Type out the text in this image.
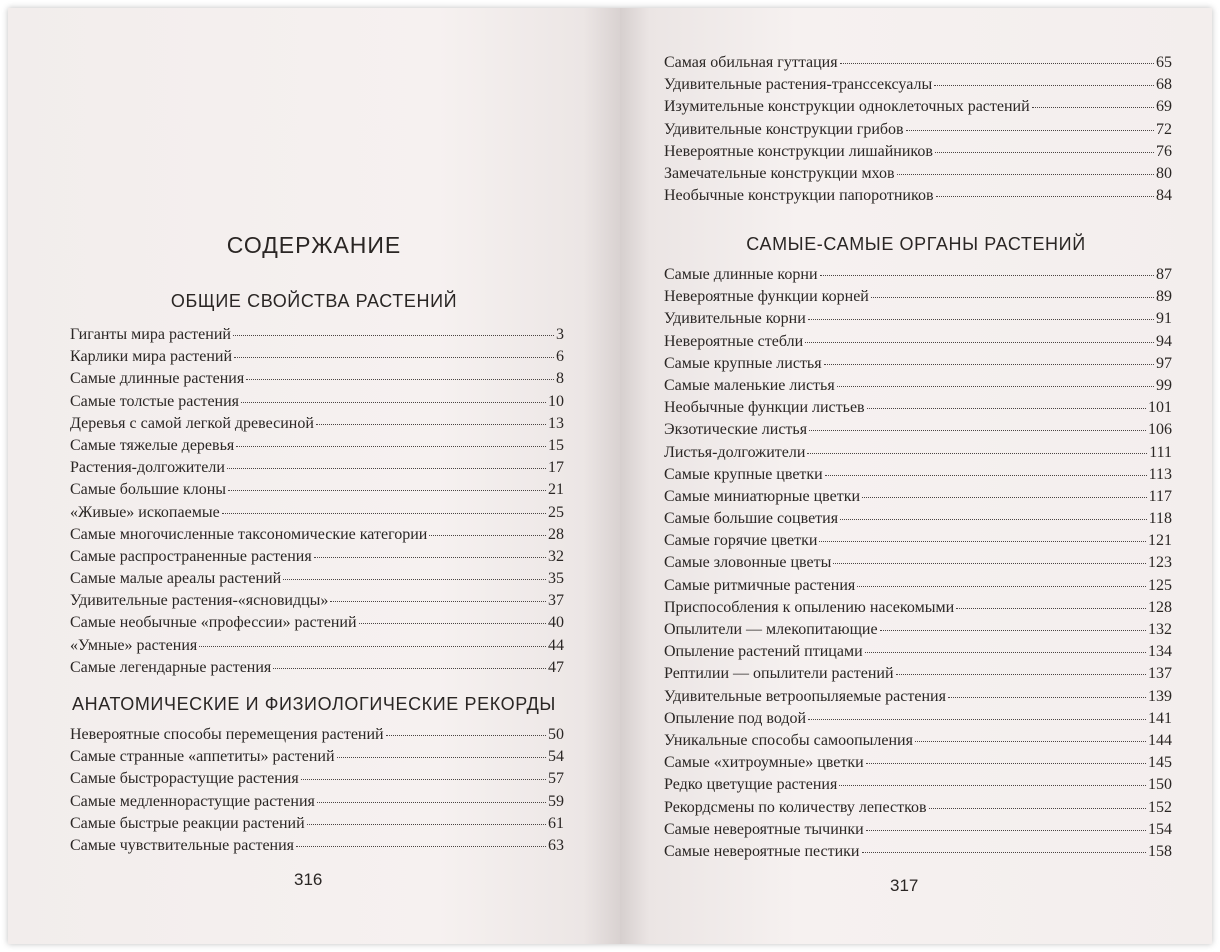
СОДЕРЖАНИЕ
ОБЩИЕ СВОЙСТВА РАСТЕНИЙ
Гиганты мира растений	3
Карлики мира растений	6
Самые длинные растения	8
Самые толстые растения	10
Деревья с самой легкой древесиной	13
Самые тяжелые деревья	15
Растения-долгожители	17
Самые большие клоны	21
«Живые» ископаемые	25
Самые многочисленные таксономические категории	28
Самые распространенные растения	32
Самые малые ареалы растений	35
Удивительные растения-«ясновидцы»	37
Самые необычные «профессии» растений	40
«Умные» растения	44
Самые легендарные растения	47
АНАТОМИЧЕСКИЕ И ФИЗИОЛОГИЧЕСКИЕ РЕКОРДЫ
Невероятные способы перемещения растений	50
Самые странные «аппетиты» растений	54
Самые быстрорастущие растения	57
Самые медленнорастущие растения	59
Самые быстрые реакции растений	61
Самые чувствительные растения	63
316
Самая обильная гуттация	65
Удивительные растения-транссексуалы	68
Изумительные конструкции одноклеточных растений	69
Удивительные конструкции грибов	72
Невероятные конструкции лишайников	76
Замечательные конструкции мхов	80
Необычные конструкции папоротников	84
САМЫЕ-САМЫЕ ОРГАНЫ РАСТЕНИЙ
Самые длинные корни	87
Невероятные функции корней	89
Удивительные корни	91
Невероятные стебли	94
Самые крупные листья	97
Самые маленькие листья	99
Необычные функции листьев	101
Экзотические листья	106
Листья-долгожители	111
Самые крупные цветки	113
Самые миниатюрные цветки	117
Самые большие соцветия	118
Самые горячие цветки	121
Самые зловонные цветы	123
Самые ритмичные растения	125
Приспособления к опылению насекомыми	128
Опылители — млекопитающие	132
Опыление растений птицами	134
Рептилии — опылители растений	137
Удивительные ветроопыляемые растения	139
Опыление под водой	141
Уникальные способы самоопыления	144
Самые «хитроумные» цветки	145
Редко цветущие растения	150
Рекордсмены по количеству лепестков	152
Самые невероятные тычинки	154
Самые невероятные пестики	158
317
